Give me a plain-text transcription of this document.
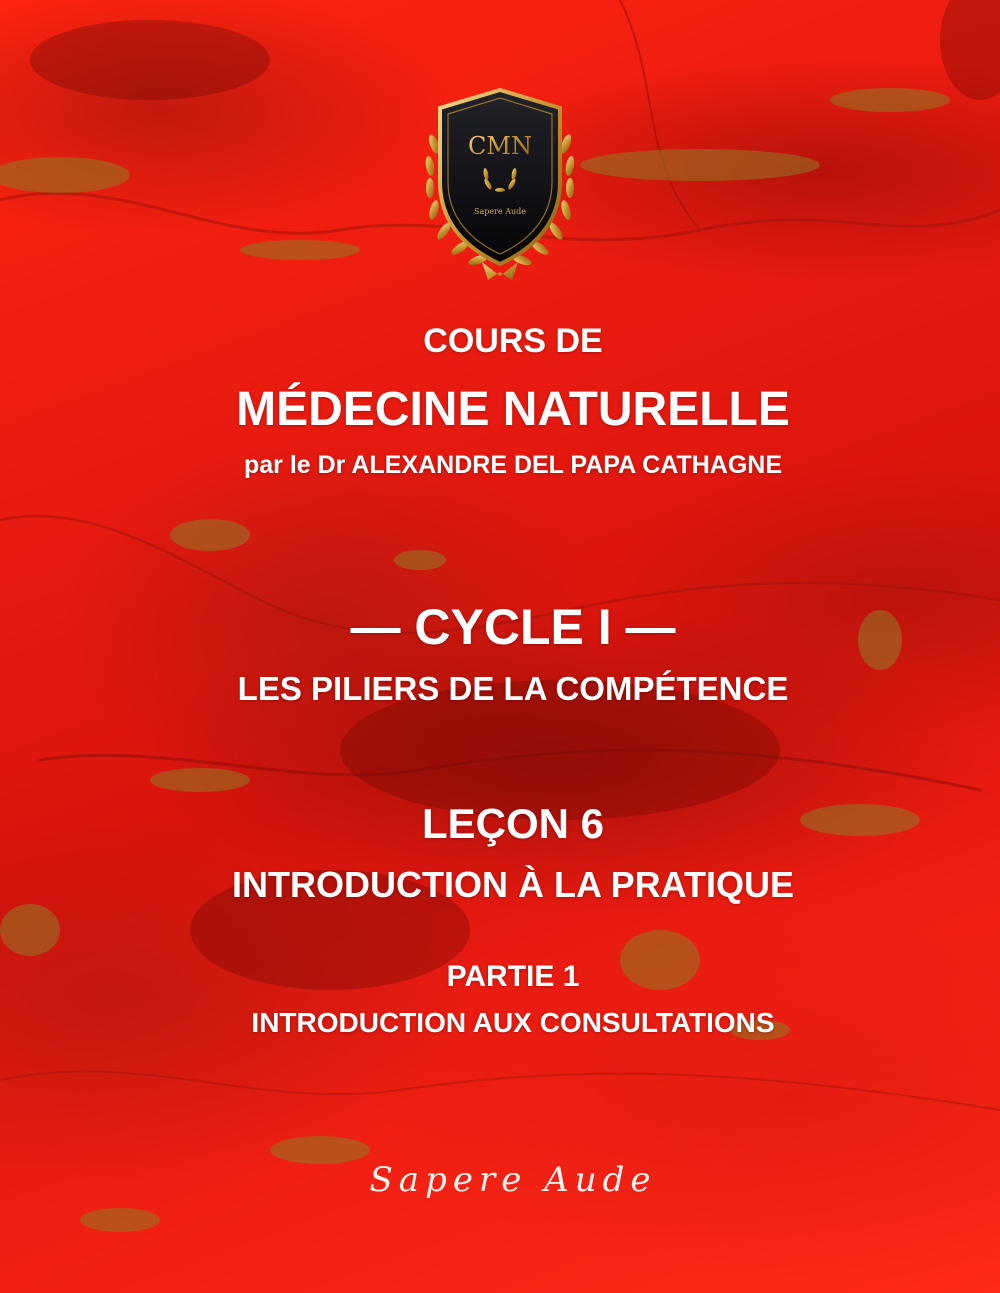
CMN
Sapere Aude
COURS DE
MÉDECINE NATURELLE
par le Dr ALEXANDRE DEL PAPA CATHAGNE
— CYCLE I —
LES PILIERS DE LA COMPÉTENCE
LEÇON 6
INTRODUCTION À LA PRATIQUE
PARTIE 1
INTRODUCTION AUX CONSULTATIONS
Sapere Aude
